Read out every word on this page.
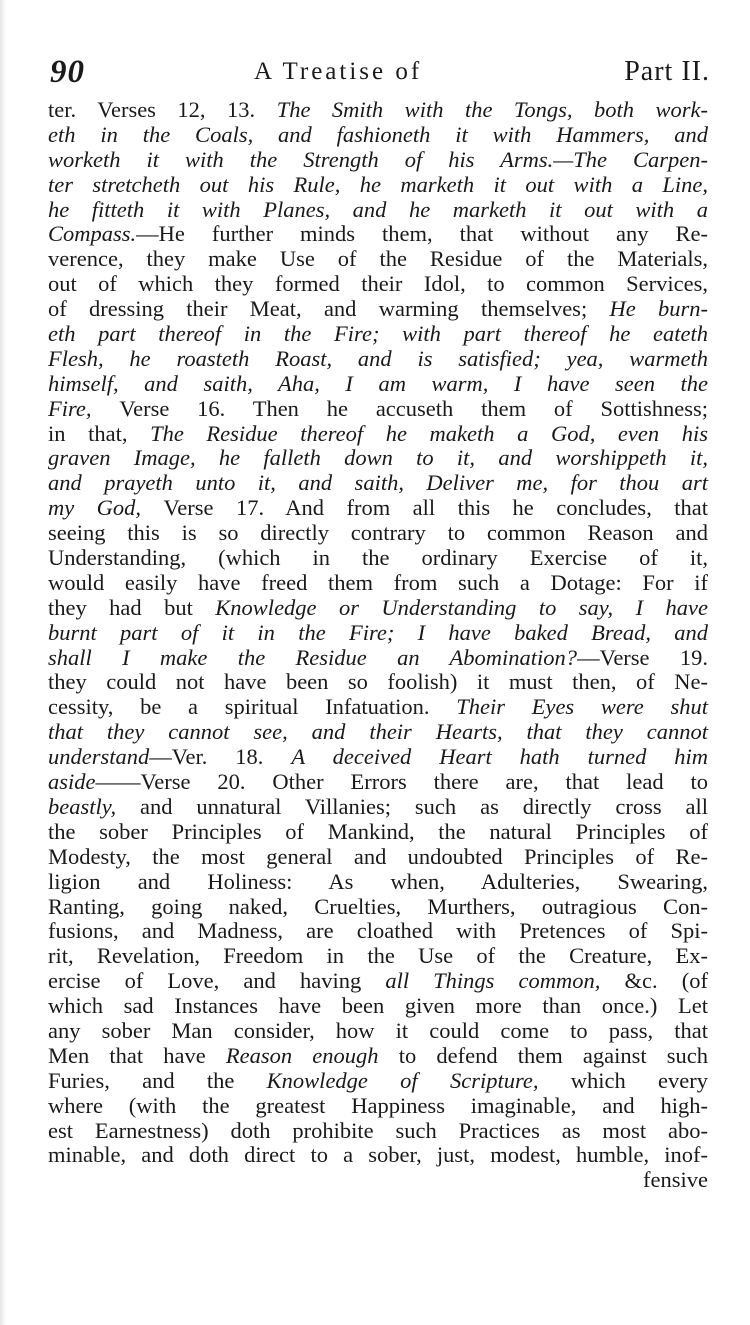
90	A Treatise of	Part II.
ter. Verses 12, 13. The Smith with the Tongs, both work-
eth in the Coals, and fashioneth it with Hammers, and
worketh it with the Strength of his Arms.—The Carpen-
ter stretcheth out his Rule, he marketh it out with a Line,
he fitteth it with Planes, and he marketh it out with a
Compass.—He further minds them, that without any Re-
verence, they make Use of the Residue of the Materials,
out of which they formed their Idol, to common Services,
of dressing their Meat, and warming themselves; He burn-
eth part thereof in the Fire; with part thereof he eateth
Flesh, he roasteth Roast, and is satisfied; yea, warmeth
himself, and saith, Aha, I am warm, I have seen the
Fire, Verse 16. Then he accuseth them of Sottishness;
in that, The Residue thereof he maketh a God, even his
graven Image, he falleth down to it, and worshippeth it,
and prayeth unto it, and saith, Deliver me, for thou art
my God, Verse 17. And from all this he concludes, that
seeing this is so directly contrary to common Reason and
Understanding, (which in the ordinary Exercise of it,
would easily have freed them from such a Dotage: For if
they had but Knowledge or Understanding to say, I have
burnt part of it in the Fire; I have baked Bread, and
shall I make the Residue an Abomination?—Verse 19.
they could not have been so foolish) it must then, of Ne-
cessity, be a spiritual Infatuation. Their Eyes were shut
that they cannot see, and their Hearts, that they cannot
understand—Ver. 18. A deceived Heart hath turned him
aside——Verse 20. Other Errors there are, that lead to
beastly, and unnatural Villanies; such as directly cross all
the sober Principles of Mankind, the natural Principles of
Modesty, the most general and undoubted Principles of Re-
ligion and Holiness: As when, Adulteries, Swearing,
Ranting, going naked, Cruelties, Murthers, outragious Con-
fusions, and Madness, are cloathed with Pretences of Spi-
rit, Revelation, Freedom in the Use of the Creature, Ex-
ercise of Love, and having all Things common, &c. (of
which sad Instances have been given more than once.) Let
any sober Man consider, how it could come to pass, that
Men that have Reason enough to defend them against such
Furies, and the Knowledge of Scripture, which every
where (with the greatest Happiness imaginable, and high-
est Earnestness) doth prohibite such Practices as most abo-
minable, and doth direct to a sober, just, modest, humble, inof-
fensive
